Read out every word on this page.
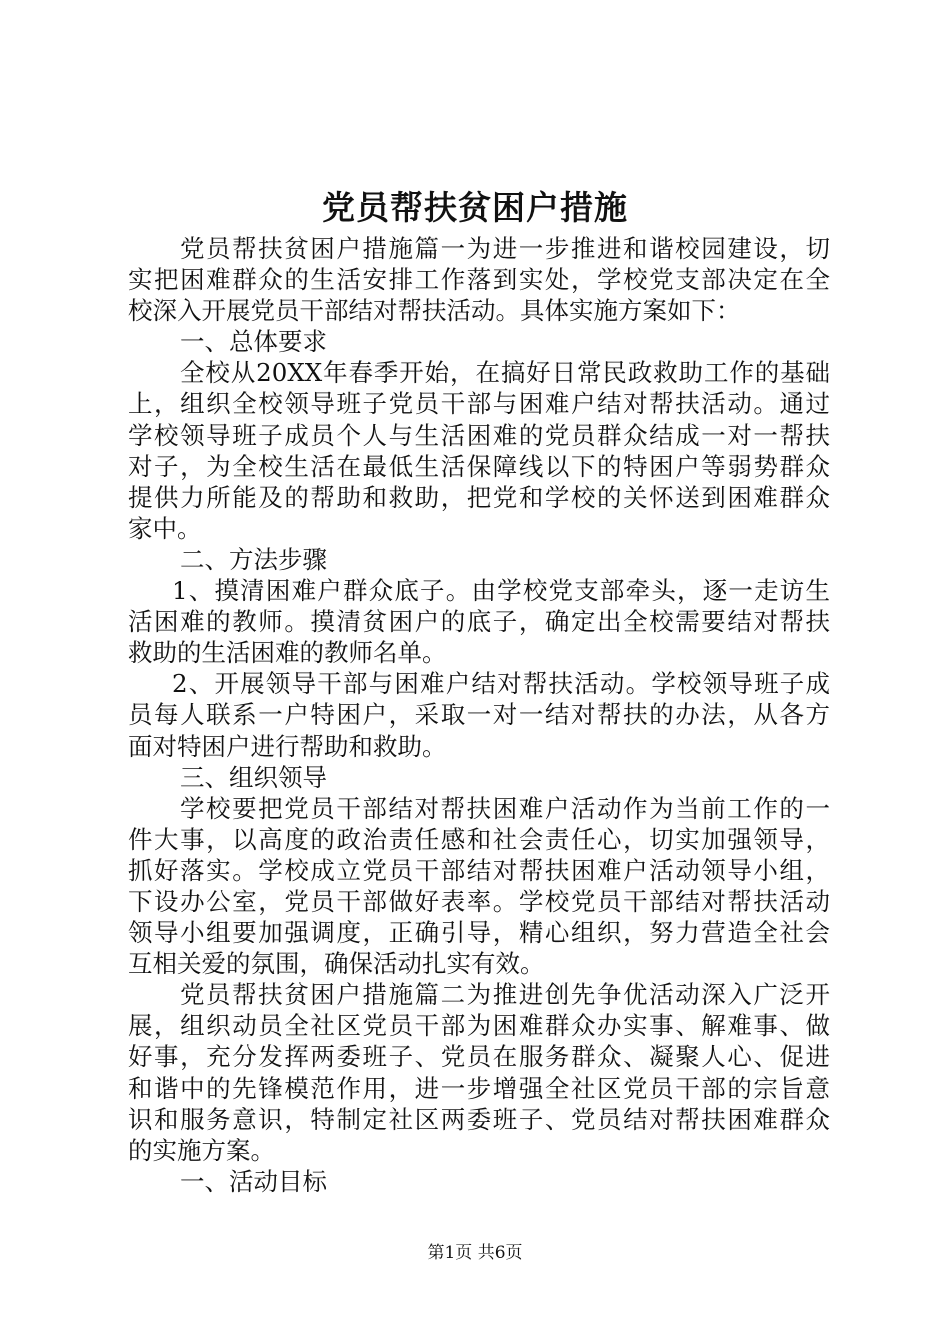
党员帮扶贫困户措施
党员帮扶贫困户措施篇一为进一步推进和谐校园建设，切
实把困难群众的生活安排工作落到实处，学校党支部决定在全
校深入开展党员干部结对帮扶活动。具体实施方案如下：
一、总体要求
全校从20XX年春季开始，在搞好日常民政救助工作的基础
上，组织全校领导班子党员干部与困难户结对帮扶活动。通过
学校领导班子成员个人与生活困难的党员群众结成一对一帮扶
对子，为全校生活在最低生活保障线以下的特困户等弱势群众
提供力所能及的帮助和救助，把党和学校的关怀送到困难群众
家中。
二、方法步骤
1、摸清困难户群众底子。由学校党支部牵头，逐一走访生
活困难的教师。摸清贫困户的底子，确定出全校需要结对帮扶
救助的生活困难的教师名单。
2、开展领导干部与困难户结对帮扶活动。学校领导班子成
员每人联系一户特困户，采取一对一结对帮扶的办法，从各方
面对特困户进行帮助和救助。
三、组织领导
学校要把党员干部结对帮扶困难户活动作为当前工作的一
件大事，以高度的政治责任感和社会责任心，切实加强领导，
抓好落实。学校成立党员干部结对帮扶困难户活动领导小组，
下设办公室，党员干部做好表率。学校党员干部结对帮扶活动
领导小组要加强调度，正确引导，精心组织，努力营造全社会
互相关爱的氛围，确保活动扎实有效。
党员帮扶贫困户措施篇二为推进创先争优活动深入广泛开
展，组织动员全社区党员干部为困难群众办实事、解难事、做
好事，充分发挥两委班子、党员在服务群众、凝聚人心、促进
和谐中的先锋模范作用，进一步增强全社区党员干部的宗旨意
识和服务意识，特制定社区两委班子、党员结对帮扶困难群众
的实施方案。
一、活动目标
第1页 共6页
